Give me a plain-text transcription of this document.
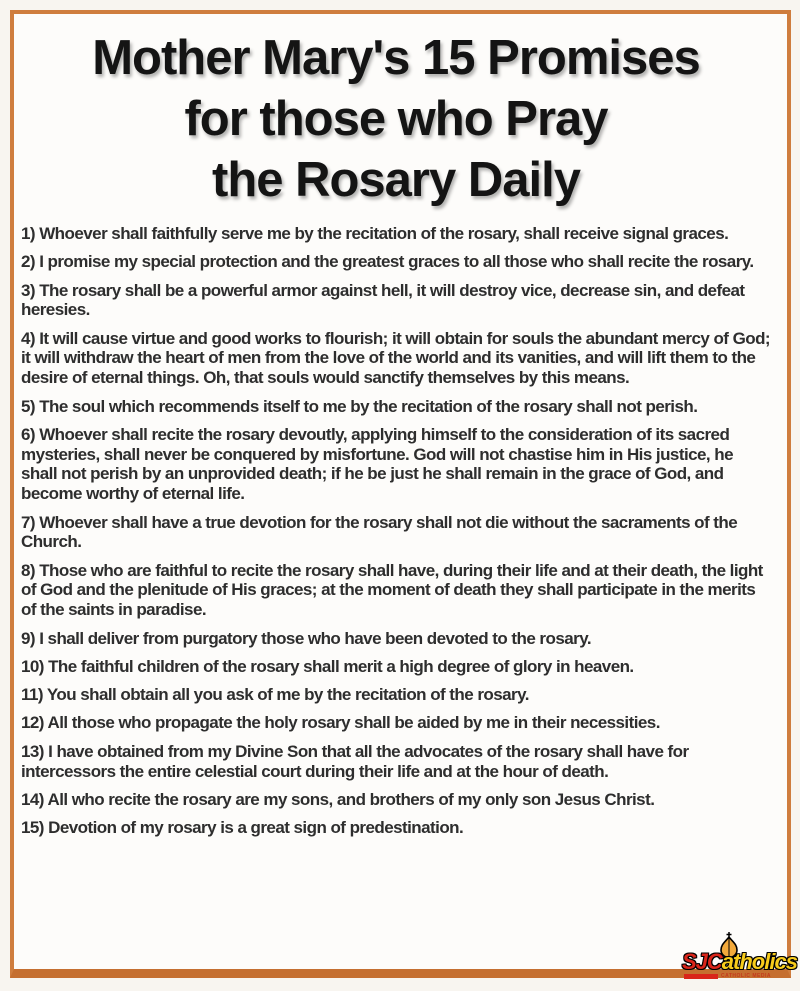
Mother Mary's 15 Promises
for those who Pray
the Rosary Daily

1) Whoever shall faithfully serve me by the recitation of the rosary, shall receive signal graces.

2) I promise my special protection and the greatest graces to all those who shall recite the rosary.

3) The rosary shall be a powerful armor against hell, it will destroy vice, decrease sin, and defeat heresies.

4) It will cause virtue and good works to flourish; it will obtain for souls the abundant mercy of God; it will withdraw the heart of men from the love of the world and its vanities, and will lift them to the desire of eternal things. Oh, that souls would sanctify themselves by this means.

5) The soul which recommends itself to me by the recitation of the rosary shall not perish.

6) Whoever shall recite the rosary devoutly, applying himself to the consideration of its sacred mysteries, shall never be conquered by misfortune. God will not chastise him in His justice, he shall not perish by an unprovided death; if he be just he shall remain in the grace of God, and become worthy of eternal life.

7) Whoever shall have a true devotion for the rosary shall not die without the sacraments of the Church.

8) Those who are faithful to recite the rosary shall have, during their life and at their death, the light of God and the plenitude of His graces; at the moment of death they shall participate in the merits of the saints in paradise.

9) I shall deliver from purgatory those who have been devoted to the rosary.

10) The faithful children of the rosary shall merit a high degree of glory in heaven.

11) You shall obtain all you ask of me by the recitation of the rosary.

12) All those who propagate the holy rosary shall be aided by me in their necessities.

13) I have obtained from my Divine Son that all the advocates of the rosary shall have for intercessors the entire celestial court during their life and at the hour of death.

14) All who recite the rosary are my sons, and brothers of my only son Jesus Christ.

15) Devotion of my rosary is a great sign of predestination.

SJCatholics
CATHOLIC MEDIA
